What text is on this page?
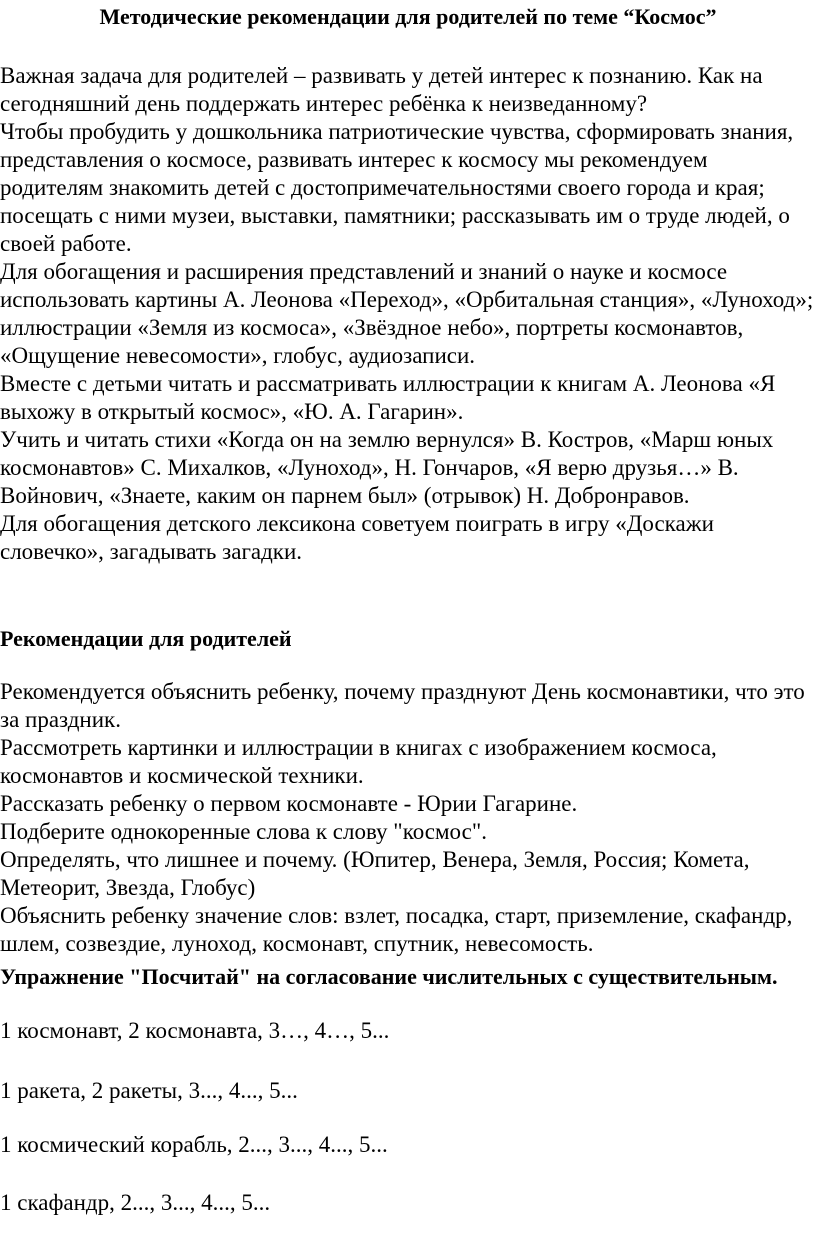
Методические рекомендации для родителей по теме “Космос”

Важная задача для родителей – развивать у детей интерес к познанию. Как на сегодняшний день поддержать интерес ребёнка к неизведанному?

Чтобы пробудить у дошкольника патриотические чувства, сформировать знания, представления о космосе, развивать интерес к космосу мы рекомендуем родителям знакомить детей с достопримечательностями своего города и края; посещать с ними музеи, выставки, памятники; рассказывать им о труде людей, о своей работе.

Для обогащения и расширения представлений и знаний о науке и космосе использовать картины А. Леонова «Переход», «Орбитальная станция», «Луноход»; иллюстрации «Земля из космоса», «Звёздное небо», портреты космонавтов, «Ощущение невесомости», глобус, аудиозаписи.

Вместе с детьми читать и рассматривать иллюстрации к книгам А. Леонова «Я выхожу в открытый космос», «Ю. А. Гагарин».

Учить и читать стихи «Когда он на землю вернулся» В. Костров, «Марш юных космонавтов» С. Михалков, «Луноход», Н. Гончаров, «Я верю друзья…» В. Войнович, «Знаете, каким он парнем был» (отрывок) Н. Добронравов.

Для обогащения детского лексикона советуем поиграть в игру «Доскажи словечко», загадывать загадки.

Рекомендации для родителей

Рекомендуется объяснить ребенку, почему празднуют День космонавтики, что это за праздник.

Рассмотреть картинки и иллюстрации в книгах с изображением космоса, космонавтов и космической техники.

Рассказать ребенку о первом космонавте - Юрии Гагарине.

Подберите однокоренные слова к слову "космос".

Определять, что лишнее и почему. (Юпитер, Венера, Земля, Россия; Комета, Метеорит, Звезда, Глобус)

Объяснить ребенку значение слов: взлет, посадка, старт, приземление, скафандр, шлем, созвездие, луноход, космонавт, спутник, невесомость.

Упражнение "Посчитай" на согласование числительных с существительным.

1 космонавт, 2 космонавта, 3…, 4…, 5...

1 ракета, 2 ракеты, 3..., 4..., 5...

1 космический корабль, 2..., 3..., 4..., 5...

1 скафандр, 2..., 3..., 4..., 5...
